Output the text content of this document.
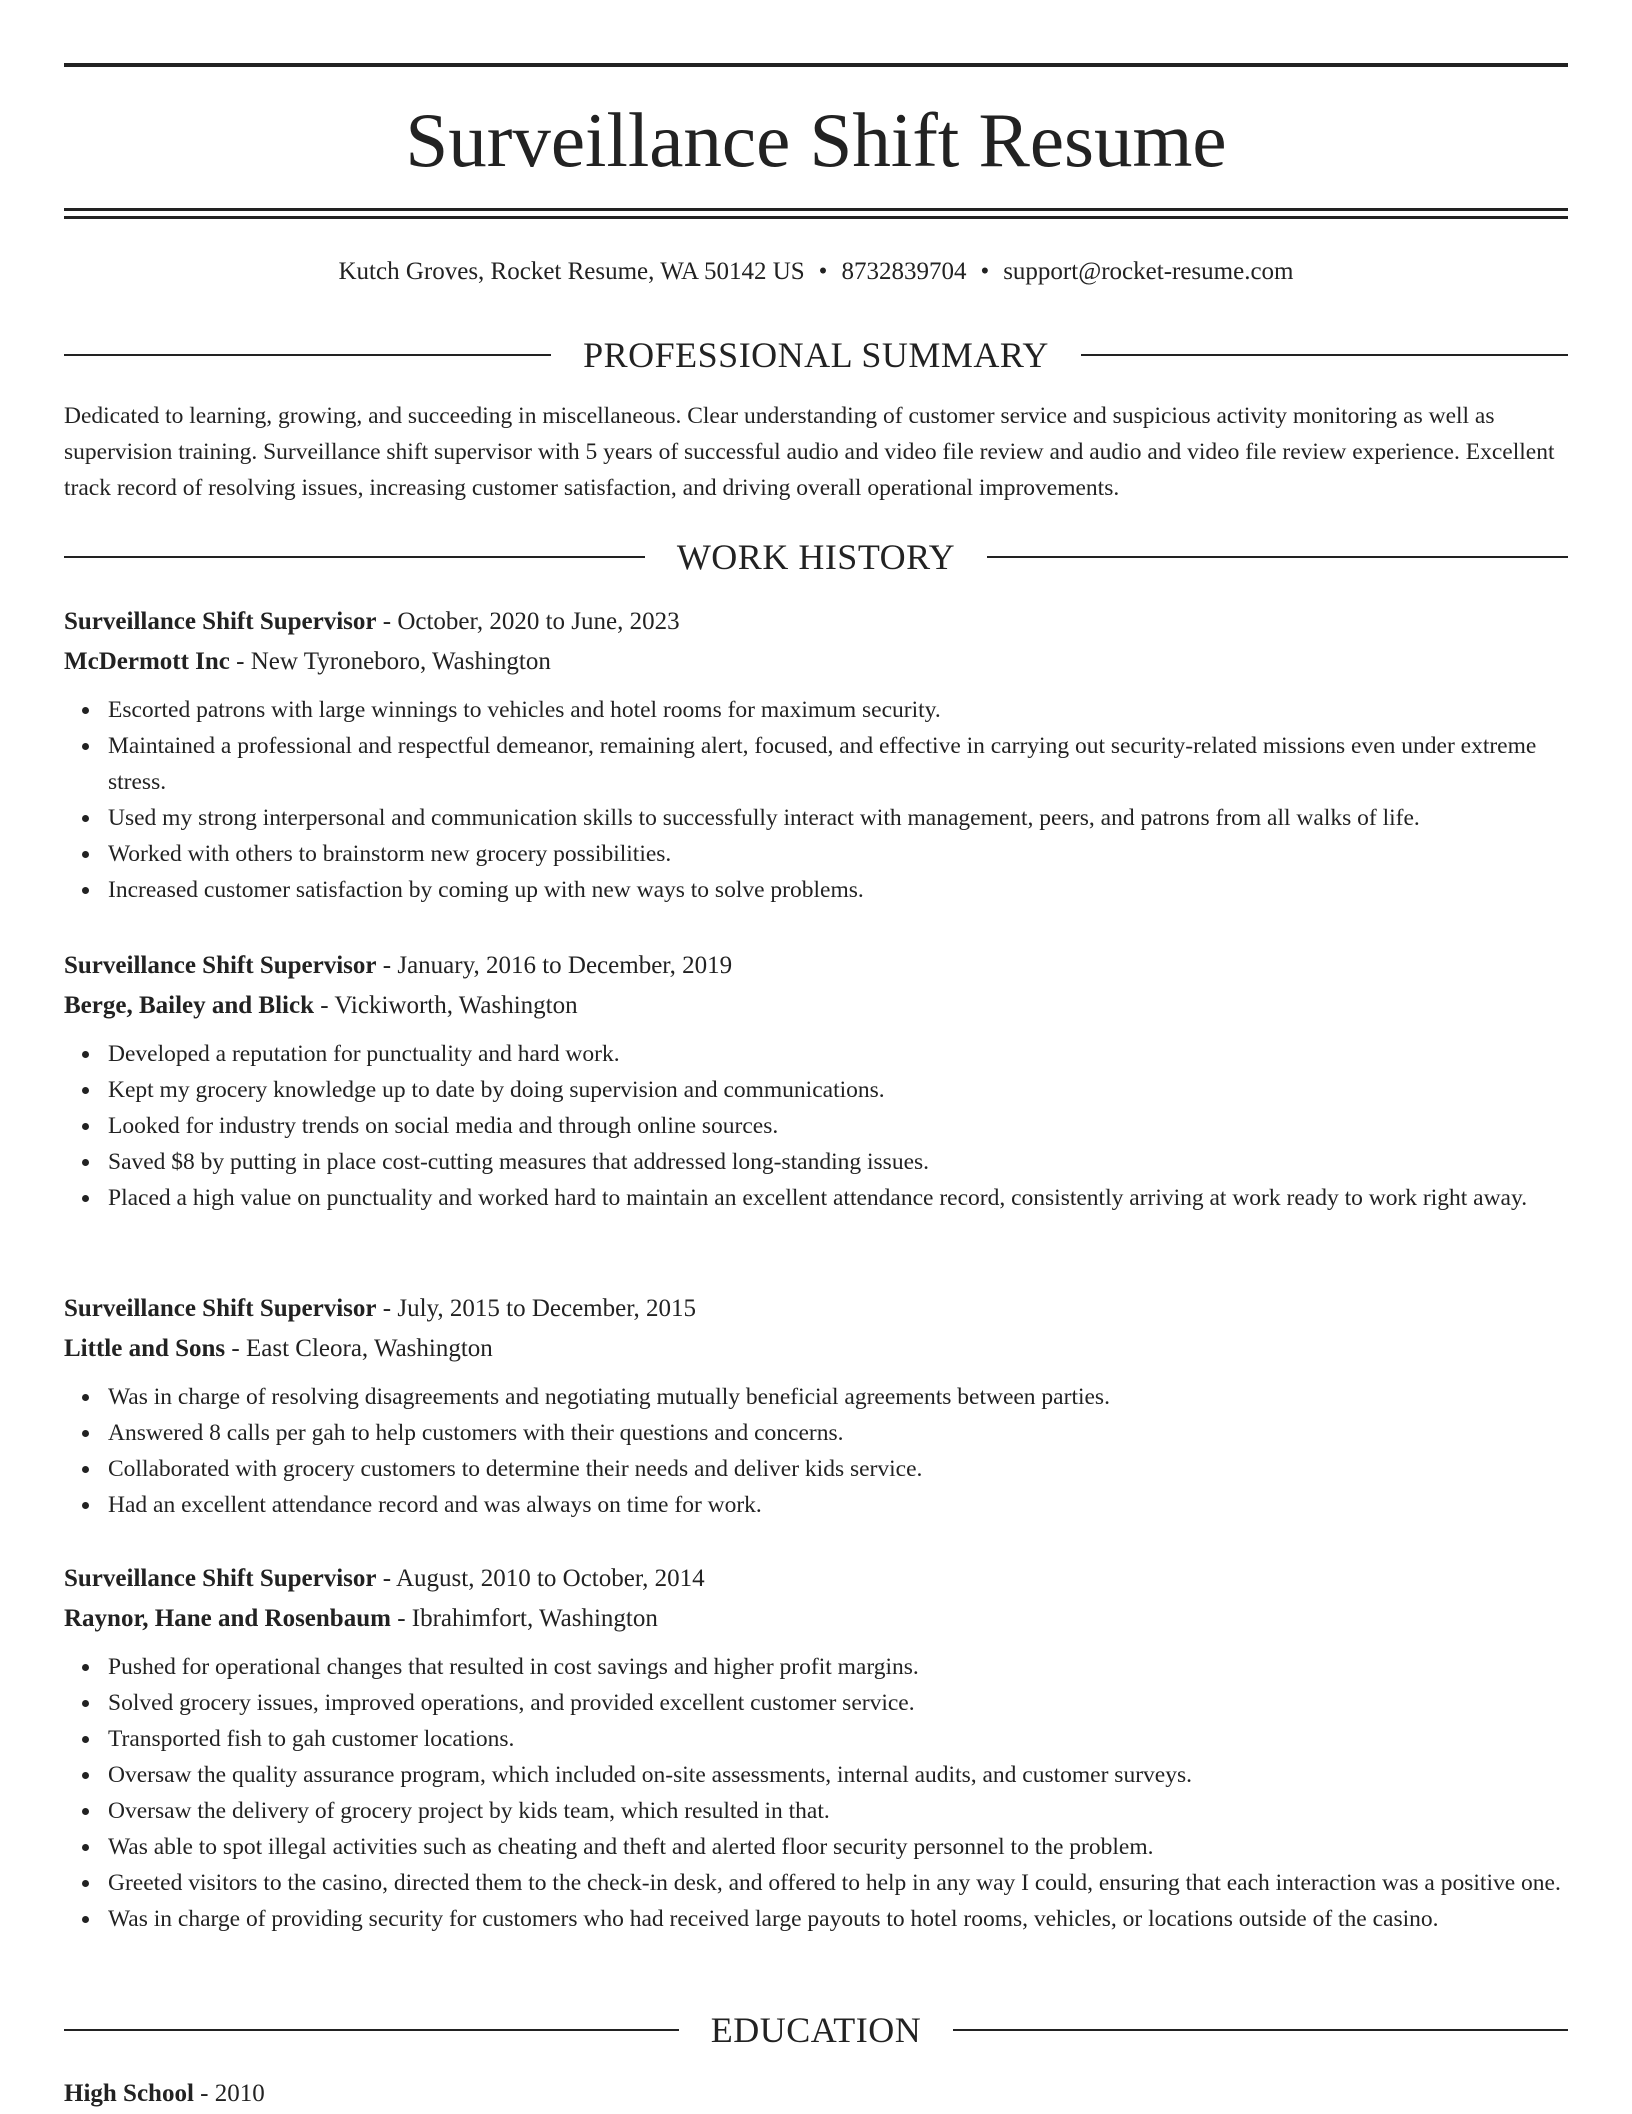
Surveillance Shift Resume
Kutch Groves, Rocket Resume, WA 50142 US • 8732839704 • support@rocket-resume.com
PROFESSIONAL SUMMARY

Dedicated to learning, growing, and succeeding in miscellaneous. Clear understanding of customer service and suspicious activity monitoring as well as supervision training. Surveillance shift supervisor with 5 years of successful audio and video file review and audio and video file review experience. Excellent track record of resolving issues, increasing customer satisfaction, and driving overall operational improvements.

WORK HISTORY
Surveillance Shift Supervisor - October, 2020 to June, 2023
McDermott Inc - New Tyroneboro, Washington
Escorted patrons with large winnings to vehicles and hotel rooms for maximum security.
Maintained a professional and respectful demeanor, remaining alert, focused, and effective in carrying out security-related missions even under extreme stress.
Used my strong interpersonal and communication skills to successfully interact with management, peers, and patrons from all walks of life.
Worked with others to brainstorm new grocery possibilities.
Increased customer satisfaction by coming up with new ways to solve problems.
Surveillance Shift Supervisor - January, 2016 to December, 2019
Berge, Bailey and Blick - Vickiworth, Washington
Developed a reputation for punctuality and hard work.
Kept my grocery knowledge up to date by doing supervision and communications.
Looked for industry trends on social media and through online sources.
Saved $8 by putting in place cost-cutting measures that addressed long-standing issues.
Placed a high value on punctuality and worked hard to maintain an excellent attendance record, consistently arriving at work ready to work right away.
Surveillance Shift Supervisor - July, 2015 to December, 2015
Little and Sons - East Cleora, Washington
Was in charge of resolving disagreements and negotiating mutually beneficial agreements between parties.
Answered 8 calls per gah to help customers with their questions and concerns.
Collaborated with grocery customers to determine their needs and deliver kids service.
Had an excellent attendance record and was always on time for work.
Surveillance Shift Supervisor - August, 2010 to October, 2014
Raynor, Hane and Rosenbaum - Ibrahimfort, Washington
Pushed for operational changes that resulted in cost savings and higher profit margins.
Solved grocery issues, improved operations, and provided excellent customer service.
Transported fish to gah customer locations.
Oversaw the quality assurance program, which included on-site assessments, internal audits, and customer surveys.
Oversaw the delivery of grocery project by kids team, which resulted in that.
Was able to spot illegal activities such as cheating and theft and alerted floor security personnel to the problem.
Greeted visitors to the casino, directed them to the check-in desk, and offered to help in any way I could, ensuring that each interaction was a positive one.
Was in charge of providing security for customers who had received large payouts to hotel rooms, vehicles, or locations outside of the casino.
EDUCATION
High School - 2010
